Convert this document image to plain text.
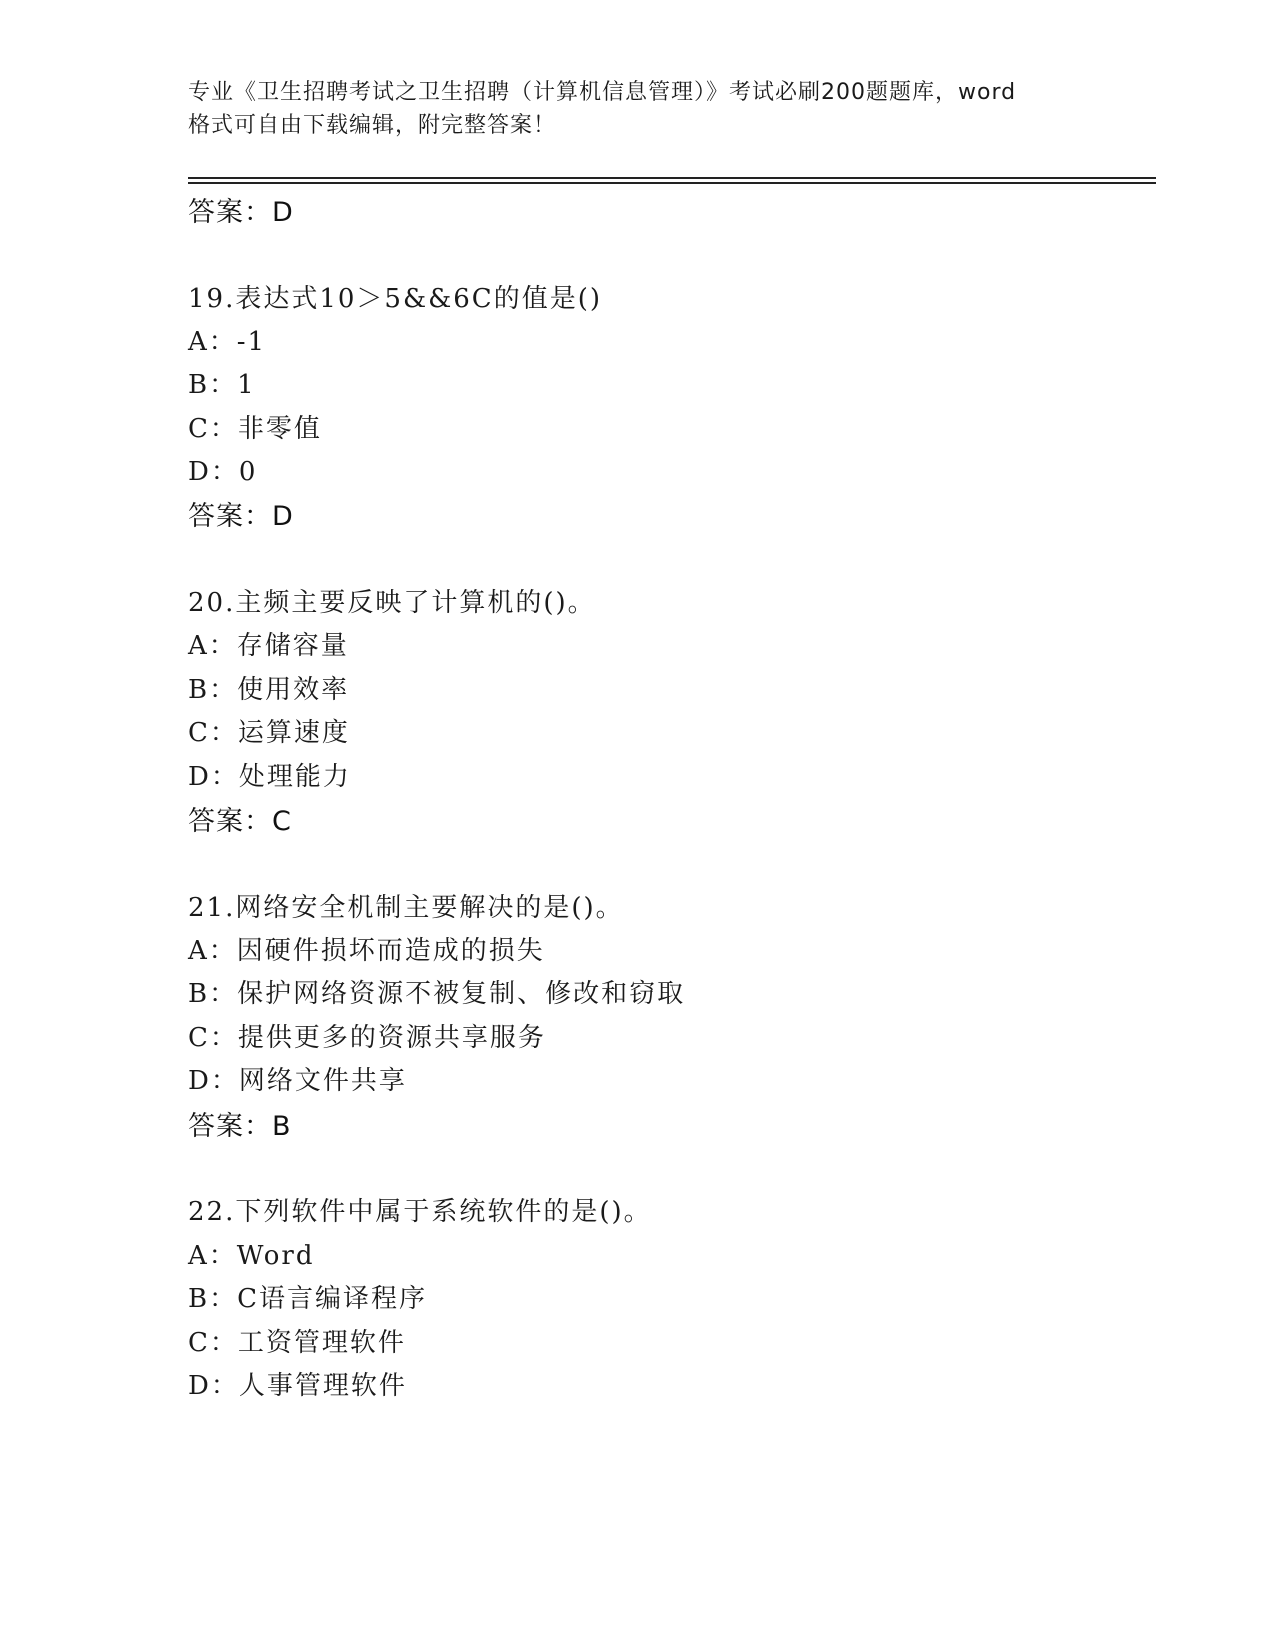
专业《卫生招聘考试之卫生招聘（计算机信息管理）》考试必刷200题题库，word
格式可自由下载编辑，附完整答案！
答案：D
19.表达式10＞5&&6C的值是()
A：-1
B：1
C：非零值
D：0
答案：D
20.主频主要反映了计算机的()。
A：存储容量
B：使用效率
C：运算速度
D：处理能力
答案：C
21.网络安全机制主要解决的是()。
A：因硬件损坏而造成的损失
B：保护网络资源不被复制、修改和窃取
C：提供更多的资源共享服务
D：网络文件共享
答案：B
22.下列软件中属于系统软件的是()。
A：Word
B：C语言编译程序
C：工资管理软件
D：人事管理软件
